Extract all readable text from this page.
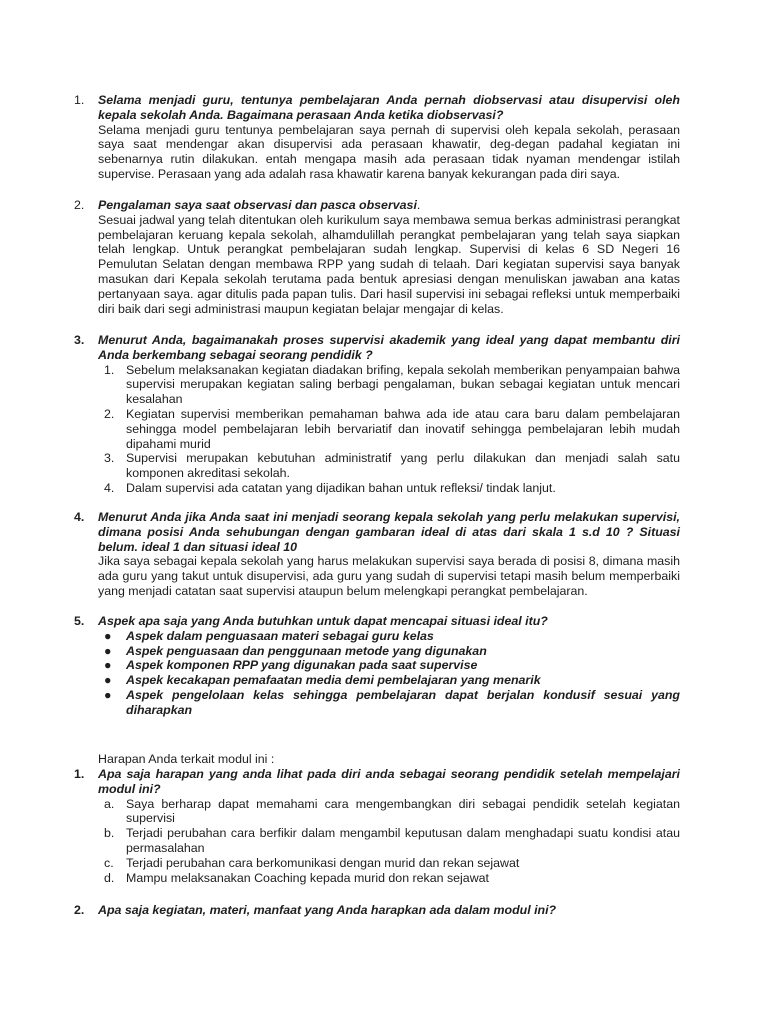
1.	Selama menjadi guru, tentunya pembelajaran Anda pernah diobservasi atau disupervisi oleh kepala sekolah Anda. Bagaimana perasaan Anda ketika diobservasi?
Selama menjadi guru tentunya pembelajaran saya pernah di supervisi oleh kepala sekolah, perasaan saya saat mendengar akan disupervisi ada perasaan khawatir, deg-degan padahal kegiatan ini sebenarnya rutin dilakukan. entah mengapa masih ada perasaan tidak nyaman mendengar istilah supervise. Perasaan yang ada adalah rasa khawatir karena banyak kekurangan pada diri saya.
2.	Pengalaman saya saat observasi dan pasca observasi.
Sesuai jadwal yang telah ditentukan oleh kurikulum saya membawa semua berkas administrasi perangkat pembelajaran keruang kepala sekolah, alhamdulillah perangkat pembelajaran yang telah saya siapkan telah lengkap. Untuk perangkat pembelajaran sudah lengkap. Supervisi di kelas 6 SD Negeri 16 Pemulutan Selatan dengan membawa RPP yang sudah di telaah. Dari kegiatan supervisi saya banyak masukan dari Kepala sekolah terutama pada bentuk apresiasi dengan menuliskan jawaban ana katas pertanyaan saya. agar ditulis pada papan tulis. Dari hasil supervisi ini sebagai refleksi untuk memperbaiki diri baik dari segi administrasi maupun kegiatan belajar mengajar di kelas.
3.	Menurut Anda, bagaimanakah proses supervisi akademik yang ideal yang dapat membantu diri Anda berkembang sebagai seorang pendidik ?
1. Sebelum melaksanakan kegiatan diadakan brifing, kepala sekolah memberikan penyampaian bahwa supervisi merupakan kegiatan saling berbagi pengalaman, bukan sebagai kegiatan untuk mencari kesalahan
2. Kegiatan supervisi memberikan pemahaman bahwa ada ide atau cara baru dalam pembelajaran sehingga model pembelajaran lebih bervariatif dan inovatif sehingga pembelajaran lebih mudah dipahami murid
3. Supervisi merupakan kebutuhan administratif yang perlu dilakukan dan menjadi salah satu komponen akreditasi sekolah.
4. Dalam supervisi ada catatan yang dijadikan bahan untuk refleksi/ tindak lanjut.
4.	Menurut Anda jika Anda saat ini menjadi seorang kepala sekolah yang perlu melakukan supervisi, dimana posisi Anda sehubungan dengan gambaran ideal di atas dari skala 1 s.d 10 ? Situasi belum. ideal 1 dan situasi ideal 10
Jika saya sebagai kepala sekolah yang harus melakukan supervisi saya berada di posisi 8, dimana masih ada guru yang takut untuk disupervisi, ada guru yang sudah di supervisi tetapi masih belum memperbaiki yang menjadi catatan saat supervisi ataupun belum melengkapi perangkat pembelajaran.
5.	Aspek apa saja yang Anda butuhkan untuk dapat mencapai situasi ideal itu?
● Aspek dalam penguasaan materi sebagai guru kelas
● Aspek penguasaan dan penggunaan metode yang digunakan
● Aspek komponen RPP yang digunakan pada saat supervise
● Aspek kecakapan pemafaatan media demi pembelajaran yang menarik
● Aspek pengelolaan kelas sehingga pembelajaran dapat berjalan kondusif sesuai yang diharapkan
Harapan Anda terkait modul ini :
1.	Apa saja harapan yang anda lihat pada diri anda sebagai seorang pendidik setelah mempelajari modul ini?
a. Saya berharap dapat memahami cara mengembangkan diri sebagai pendidik setelah kegiatan supervisi
b. Terjadi perubahan cara berfikir dalam mengambil keputusan dalam menghadapi suatu kondisi atau permasalahan
c. Terjadi perubahan cara berkomunikasi dengan murid dan rekan sejawat
d. Mampu melaksanakan Coaching kepada murid don rekan sejawat
2.	Apa saja kegiatan, materi, manfaat yang Anda harapkan ada dalam modul ini?
